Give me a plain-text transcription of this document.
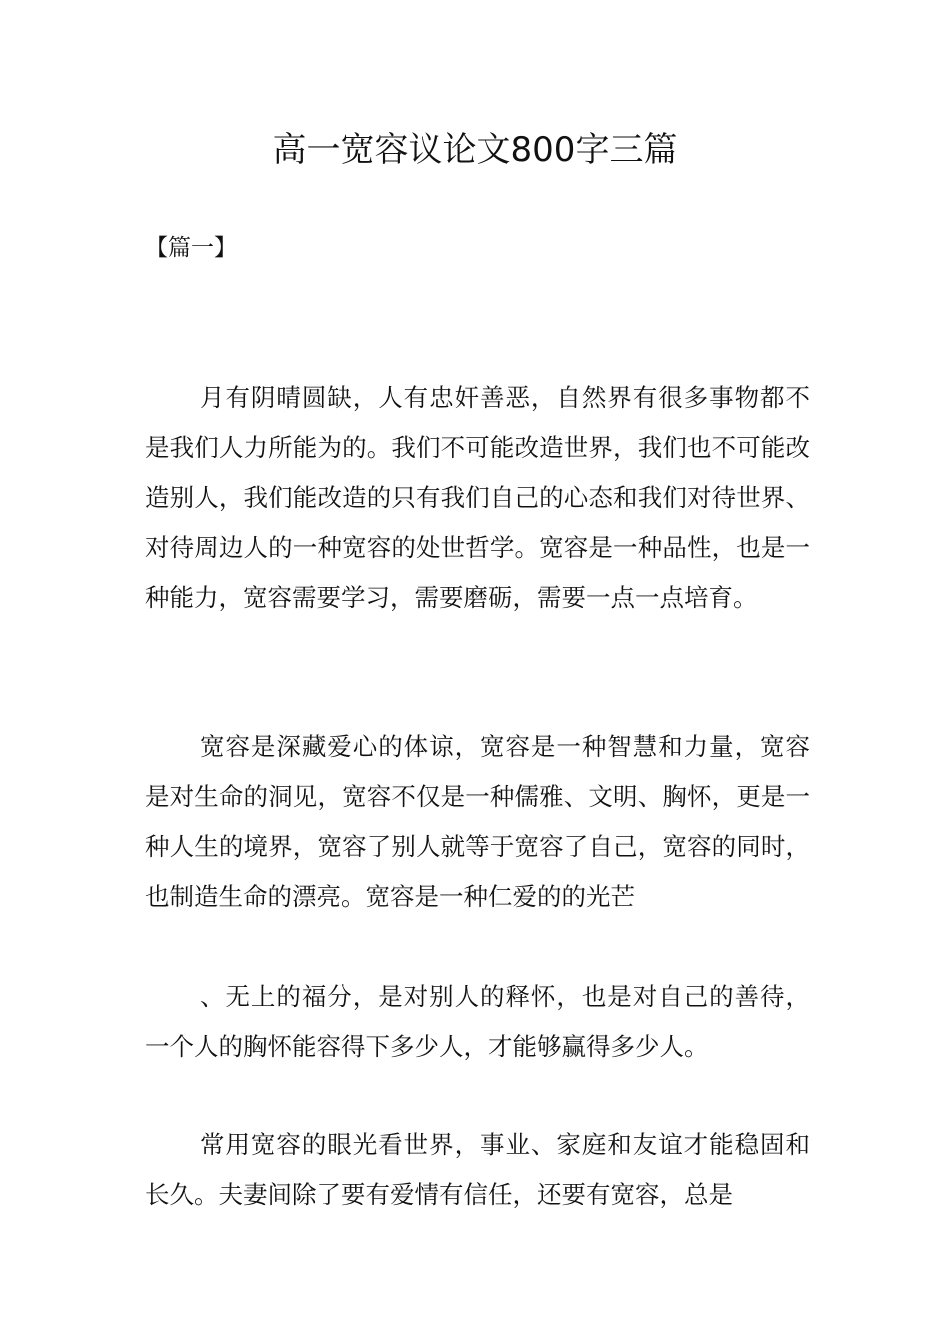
高一宽容议论文800字三篇

【篇一】

月有阴晴圆缺，人有忠奸善恶，自然界有很多事物都不是我们人力所能为的。我们不可能改造世界，我们也不可能改造别人，我们能改造的只有我们自己的心态和我们对待世界、对待周边人的一种宽容的处世哲学。宽容是一种品性，也是一种能力，宽容需要学习，需要磨砺，需要一点一点培育。

宽容是深藏爱心的体谅，宽容是一种智慧和力量，宽容是对生命的洞见，宽容不仅是一种儒雅、文明、胸怀，更是一种人生的境界，宽容了别人就等于宽容了自己，宽容的同时，也制造生命的漂亮。宽容是一种仁爱的的光芒

、无上的福分，是对别人的释怀，也是对自己的善待，一个人的胸怀能容得下多少人，才能够赢得多少人。

常用宽容的眼光看世界，事业、家庭和友谊才能稳固和长久。夫妻间除了要有爱情有信任，还要有宽容，总是
